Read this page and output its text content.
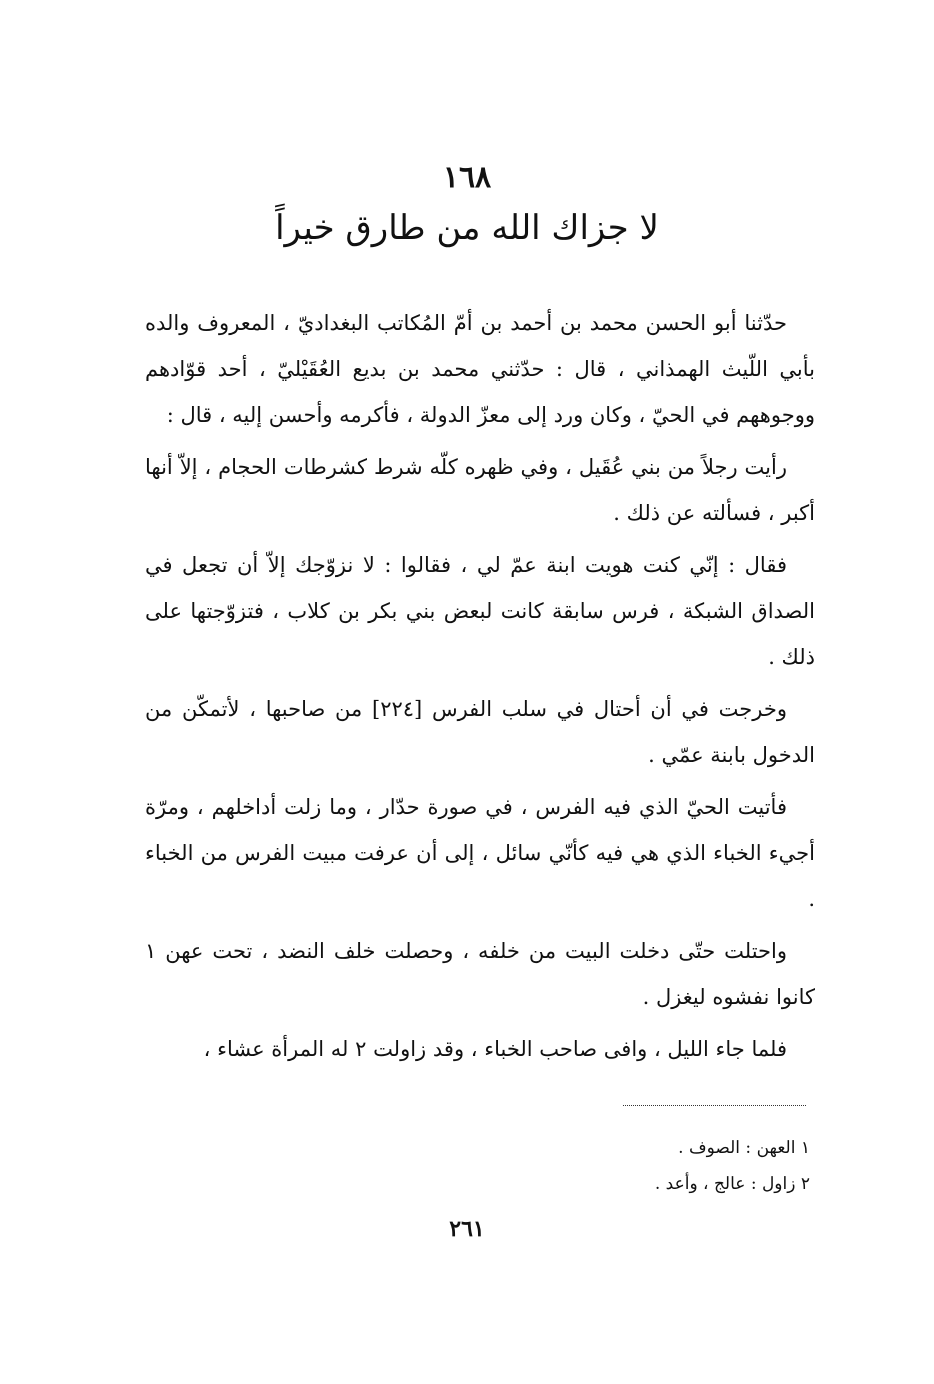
١٦٨
لا جزاك الله من طارق خيراً

حدّثنا أبو الحسن محمد بن أحمد بن أمّ المُكاتب البغداديّ ، المعروف والده بأبي اللّيث الهمذاني ، قال : حدّثني محمد بن بديع العُقَيْليّ ، أحد قوّادهم ووجوههم في الحيّ ، وكان ورد إلى معزّ الدولة ، فأكرمه وأحسن إليه ، قال :

رأيت رجلاً من بني عُقَيل ، وفي ظهره كلّه شرط كشرطات الحجام ، إلاّ أنها أكبر ، فسألته عن ذلك .

فقال : إنّي كنت هويت ابنة عمّ لي ، فقالوا : لا نزوّجك إلاّ أن تجعل في الصداق الشبكة ، فرس سابقة كانت لبعض بني بكر بن كلاب ، فتزوّجتها على ذلك .

وخرجت في أن أحتال في سلب الفرس [٢٢٤] من صاحبها ، لأتمكّن من الدخول بابنة عمّي .

فأتيت الحيّ الذي فيه الفرس ، في صورة حدّار ، وما زلت أداخلهم ، ومرّة أجيء الخباء الذي هي فيه كأنّي سائل ، إلى أن عرفت مبيت الفرس من الخباء .

واحتلت حتّى دخلت البيت من خلفه ، وحصلت خلف النضد ، تحت عهن ١ كانوا نفشوه ليغزل .

فلما جاء الليل ، وافى صاحب الخباء ، وقد زاولت ٢ له المرأة عشاء ،

١ العهن : الصوف .
٢ زاول : عالج ، وأعد .
٢٦١
